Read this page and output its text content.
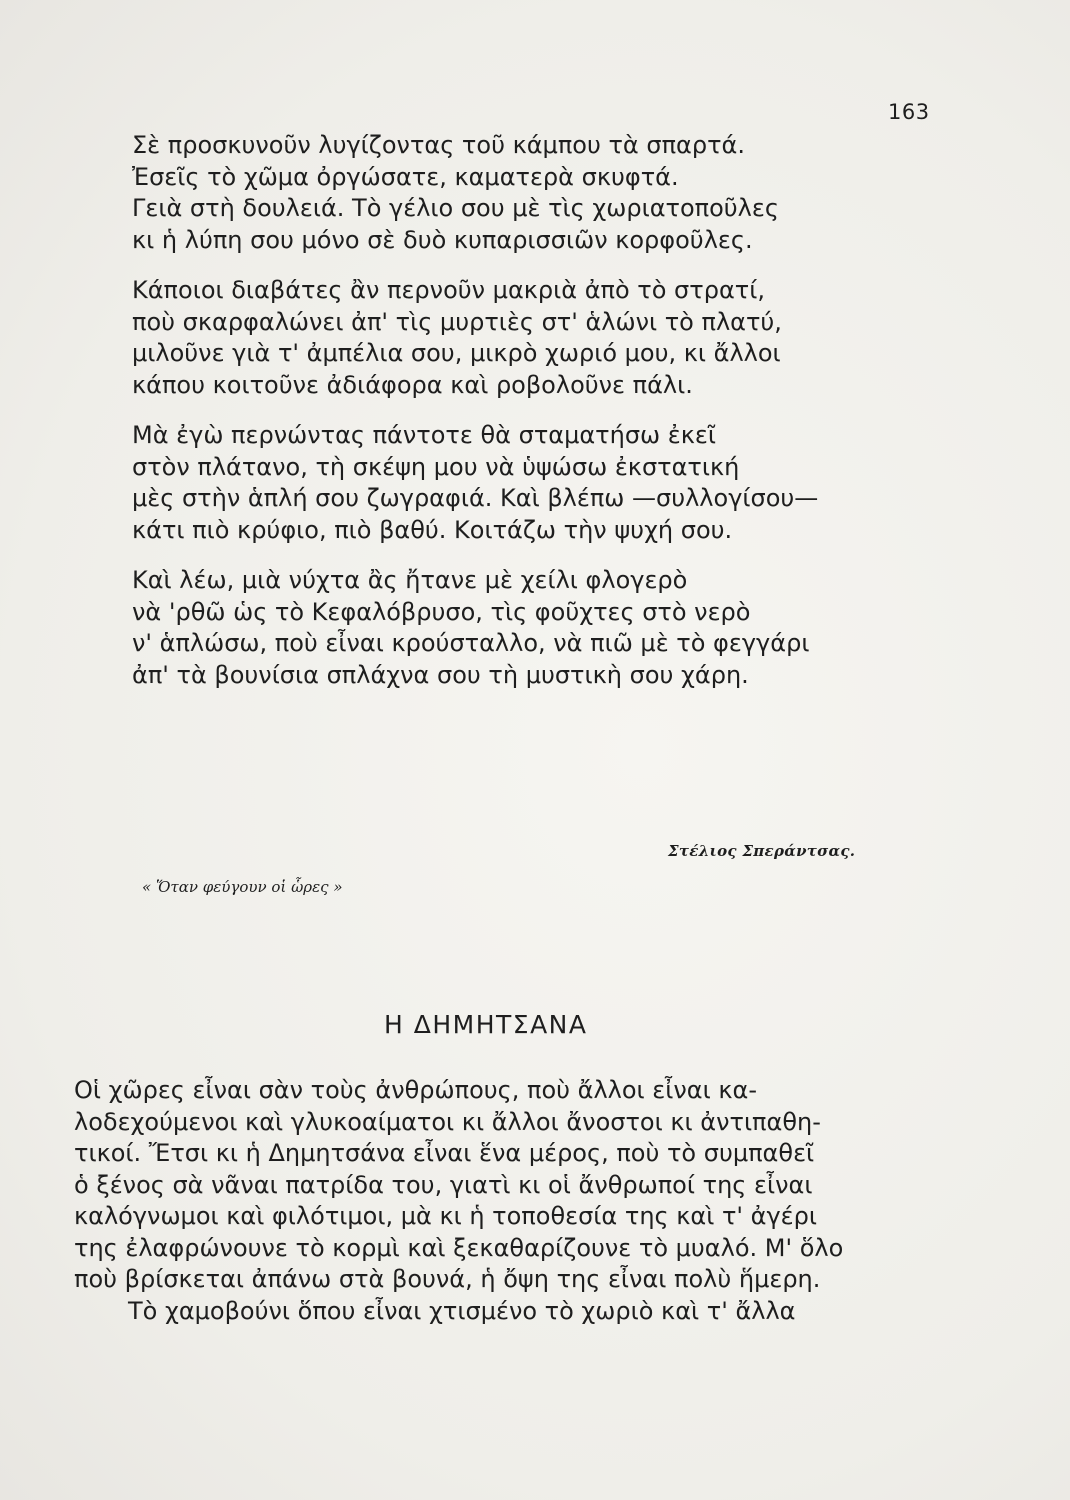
163
Σὲ προσκυνοῦν λυγίζοντας τοῦ κάμπου τὰ σπαρτά.
Ἐσεῖς τὸ χῶμα ὀργώσατε, καματερὰ σκυφτά.
Γειὰ στὴ δουλειά. Τὸ γέλιο σου μὲ τὶς χωριατοποῦλες
κι ἡ λύπη σου μόνο σὲ δυὸ κυπαρισσιῶν κορφοῦλες.
Κάποιοι διαβάτες ἂν περνοῦν μακριὰ ἀπὸ τὸ στρατί,
ποὺ σκαρφαλώνει ἀπ' τὶς μυρτιὲς στ' ἁλώνι τὸ πλατύ,
μιλοῦνε γιὰ τ' ἀμπέλια σου, μικρὸ χωριό μου, κι ἄλλοι
κάπου κοιτοῦνε ἀδιάφορα καὶ ροβολοῦνε πάλι.
Μὰ ἐγὼ περνώντας πάντοτε θὰ σταματήσω ἐκεῖ
στὸν πλάτανο, τὴ σκέψη μου νὰ ὑψώσω ἐκστατική
μὲς στὴν ἁπλή σου ζωγραφιά. Καὶ βλέπω —συλλογίσου—
κάτι πιὸ κρύφιο, πιὸ βαθύ. Κοιτάζω τὴν ψυχή σου.
Καὶ λέω, μιὰ νύχτα ἂς ἤτανε μὲ χείλι φλογερὸ
νὰ 'ρθῶ ὡς τὸ Κεφαλόβρυσο, τὶς φοῦχτες στὸ νερὸ
ν' ἁπλώσω, ποὺ εἶναι κρούσταλλο, νὰ πιῶ μὲ τὸ φεγγάρι
ἀπ' τὰ βουνίσια σπλάχνα σου τὴ μυστικὴ σου χάρη.
Στέλιος Σπεράντσας.
« Ὅταν φεύγουν οἱ ὧρες »
Η ΔΗΜΗΤΣΑΝΑ
Οἱ χῶρες εἶναι σὰν τοὺς ἀνθρώπους, ποὺ ἄλλοι εἶναι κα-
λοδεχούμενοι καὶ γλυκοαίματοι κι ἄλλοι ἄνοστοι κι ἀντιπαθη-
τικοί. Ἔτσι κι ἡ Δημητσάνα εἶναι ἕνα μέρος, ποὺ τὸ συμπαθεῖ
ὁ ξένος σὰ νᾶναι πατρίδα του, γιατὶ κι οἱ ἄνθρωποί της εἶναι
καλόγνωμοι καὶ φιλότιμοι, μὰ κι ἡ τοποθεσία της καὶ τ' ἀγέρι
της ἐλαφρώνουνε τὸ κορμὶ καὶ ξεκαθαρίζουνε τὸ μυαλό. Μ' ὅλο
ποὺ βρίσκεται ἀπάνω στὰ βουνά, ἡ ὄψη της εἶναι πολὺ ἥμερη.
Τὸ χαμοβούνι ὅπου εἶναι χτισμένο τὸ χωριὸ καὶ τ' ἄλλα
